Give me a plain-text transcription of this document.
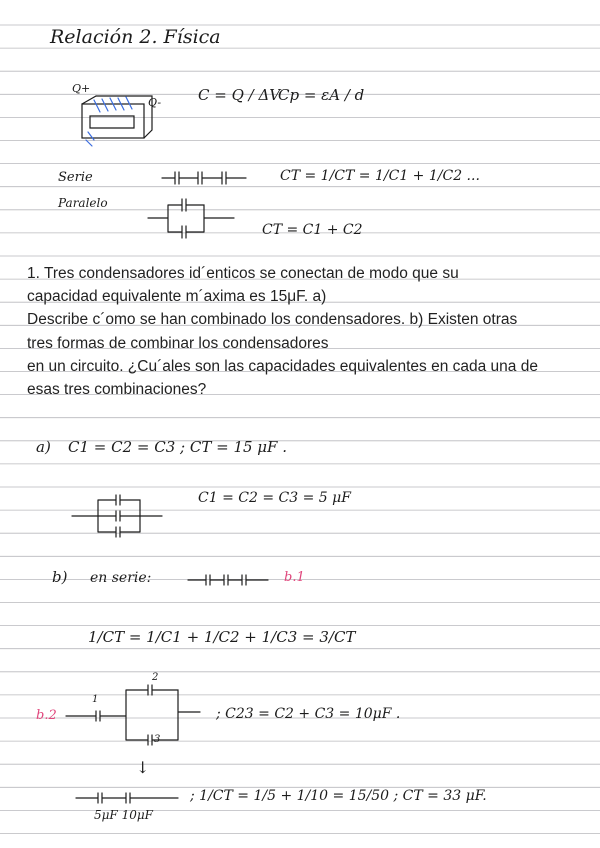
Relación 2. Física
Q+
Q- C = Q / ΔV
Cp = εA / d
Serie	CT = 1/CT = 1/C1 + 1/C2 ...
Paralelo
CT = C1 + C2
1. Tres condensadores id´enticos se conectan de modo que su
capacidad equivalente m´axima es 15μF. a)
Describe c´omo se han combinado los condensadores. b) Existen otras
tres formas de combinar los condensadores
en un circuito. ¿Cu´ales son las capacidades equivalentes en cada una de
esas tres combinaciones?
a) C1 = C2 = C3 ; CT = 15 μF .
C1 = C2 = C3 = 5 μF
b) en serie:	b.1
1/CT = 1/C1 + 1/C2 + 1/C3 = 3/CT
b.2
1
2
3
; C23 = C2 + C3 = 10μF .
↓
5μF 10μF
; 1/CT = 1/5 + 1/10 = 15/50 ; CT = 33 μF.
